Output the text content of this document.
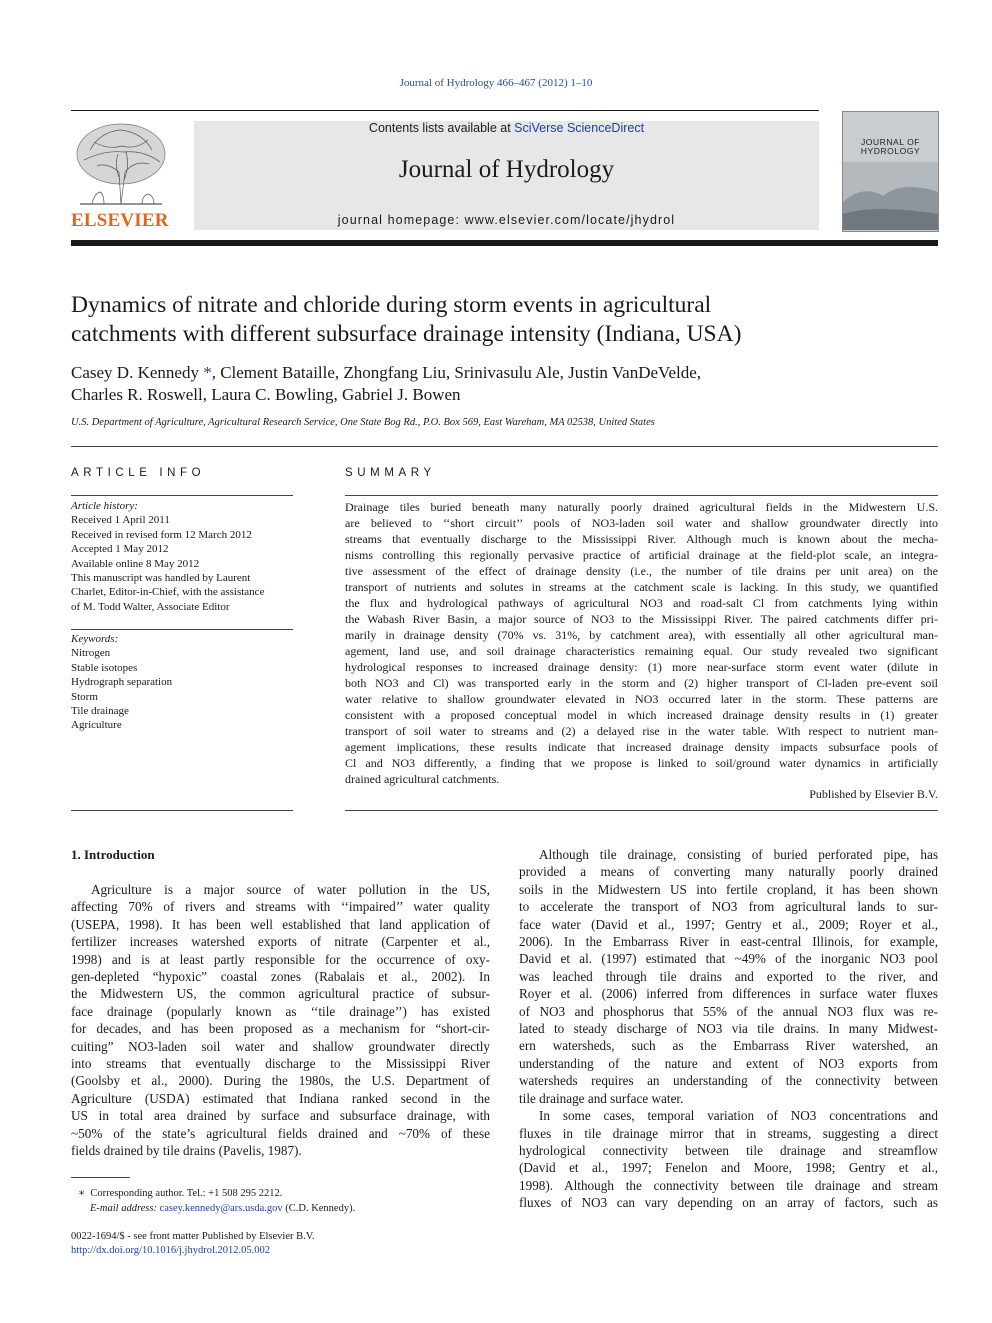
Journal of Hydrology 466–467 (2012) 1–10
ELSEVIER
Contents lists available at SciVerse ScienceDirect
Journal of Hydrology
journal homepage: www.elsevier.com/locate/jhydrol
JOURNAL OF
HYDROLOGY
Dynamics of nitrate and chloride during storm events in agricultural
catchments with different subsurface drainage intensity (Indiana, USA)
Casey D. Kennedy *, Clement Bataille, Zhongfang Liu, Srinivasulu Ale, Justin VanDeVelde,
Charles R. Roswell, Laura C. Bowling, Gabriel J. Bowen
U.S. Department of Agriculture, Agricultural Research Service, One State Bog Rd., P.O. Box 569, East Wareham, MA 02538, United States
ARTICLE INFO
Article history:
Received 1 April 2011
Received in revised form 12 March 2012
Accepted 1 May 2012
Available online 8 May 2012
This manuscript was handled by Laurent
Charlet, Editor-in-Chief, with the assistance
of M. Todd Walter, Associate Editor
Keywords:
Nitrogen
Stable isotopes
Hydrograph separation
Storm
Tile drainage
Agriculture
SUMMARY
Drainage tiles buried beneath many naturally poorly drained agricultural fields in the Midwestern U.S.
are believed to ‘‘short circuit’’ pools of NO3-laden soil water and shallow groundwater directly into
streams that eventually discharge to the Mississippi River. Although much is known about the mecha-
nisms controlling this regionally pervasive practice of artificial drainage at the field-plot scale, an integra-
tive assessment of the effect of drainage density (i.e., the number of tile drains per unit area) on the
transport of nutrients and solutes in streams at the catchment scale is lacking. In this study, we quantified
the flux and hydrological pathways of agricultural NO3 and road-salt Cl from catchments lying within
the Wabash River Basin, a major source of NO3 to the Mississippi River. The paired catchments differ pri-
marily in drainage density (70% vs. 31%, by catchment area), with essentially all other agricultural man-
agement, land use, and soil drainage characteristics remaining equal. Our study revealed two significant
hydrological responses to increased drainage density: (1) more near-surface storm event water (dilute in
both NO3 and Cl) was transported early in the storm and (2) higher transport of Cl-laden pre-event soil
water relative to shallow groundwater elevated in NO3 occurred later in the storm. These patterns are
consistent with a proposed conceptual model in which increased drainage density results in (1) greater
transport of soil water to streams and (2) a delayed rise in the water table. With respect to nutrient man-
agement implications, these results indicate that increased drainage density impacts subsurface pools of
Cl and NO3 differently, a finding that we propose is linked to soil/ground water dynamics in artificially
drained agricultural catchments.
Published by Elsevier B.V.
1. Introduction
Agriculture is a major source of water pollution in the US,
affecting 70% of rivers and streams with ‘‘impaired’’ water quality
(USEPA, 1998). It has been well established that land application of
fertilizer increases watershed exports of nitrate (Carpenter et al.,
1998) and is at least partly responsible for the occurrence of oxy-
gen-depleted “hypoxic” coastal zones (Rabalais et al., 2002). In
the Midwestern US, the common agricultural practice of subsur-
face drainage (popularly known as ‘‘tile drainage’’) has existed
for decades, and has been proposed as a mechanism for “short-cir-
cuiting” NO3-laden soil water and shallow groundwater directly
into streams that eventually discharge to the Mississippi River
(Goolsby et al., 2000). During the 1980s, the U.S. Department of
Agriculture (USDA) estimated that Indiana ranked second in the
US in total area drained by surface and subsurface drainage, with
~50% of the state’s agricultural fields drained and ~70% of these
fields drained by tile drains (Pavelis, 1987).
Although tile drainage, consisting of buried perforated pipe, has
provided a means of converting many naturally poorly drained
soils in the Midwestern US into fertile cropland, it has been shown
to accelerate the transport of NO3 from agricultural lands to sur-
face water (David et al., 1997; Gentry et al., 2009; Royer et al.,
2006). In the Embarrass River in east-central Illinois, for example,
David et al. (1997) estimated that ~49% of the inorganic NO3 pool
was leached through tile drains and exported to the river, and
Royer et al. (2006) inferred from differences in surface water fluxes
of NO3 and phosphorus that 55% of the annual NO3 flux was re-
lated to steady discharge of NO3 via tile drains. In many Midwest-
ern watersheds, such as the Embarrass River watershed, an
understanding of the nature and extent of NO3 exports from
watersheds requires an understanding of the connectivity between
tile drainage and surface water.
In some cases, temporal variation of NO3 concentrations and
fluxes in tile drainage mirror that in streams, suggesting a direct
hydrological connectivity between tile drainage and streamflow
(David et al., 1997; Fenelon and Moore, 1998; Gentry et al.,
1998). Although the connectivity between tile drainage and stream
fluxes of NO3 can vary depending on an array of factors, such as
∗  Corresponding author. Tel.: +1 508 295 2212.
E-mail address: casey.kennedy@ars.usda.gov (C.D. Kennedy).
0022-1694/$ - see front matter Published by Elsevier B.V.
http://dx.doi.org/10.1016/j.jhydrol.2012.05.002
